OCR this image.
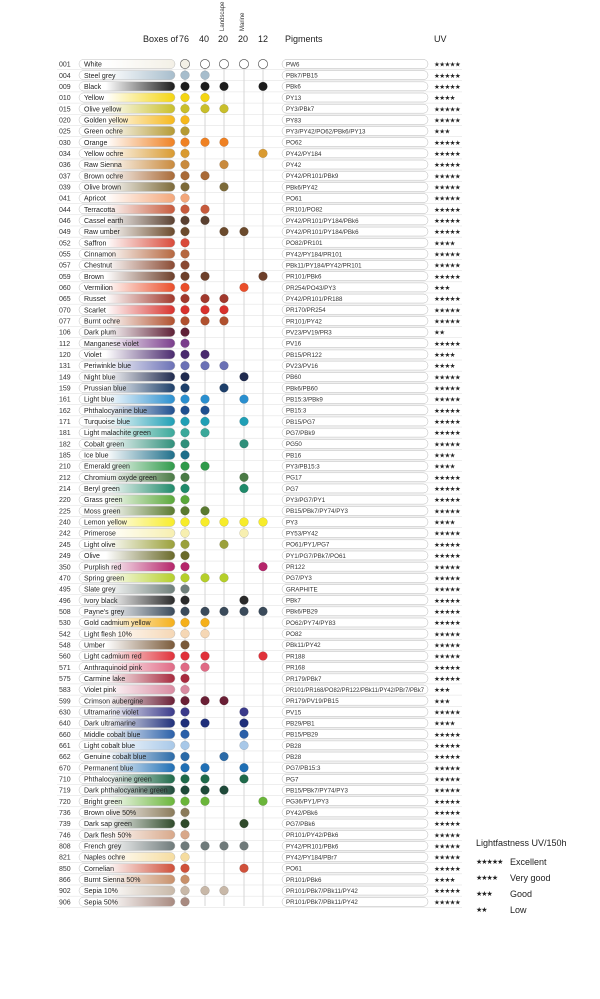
001 White	PW6	★★★★★
004 Steel grey	PBk7/PB15	★★★★★
009 Black	PBk6	★★★★★
010 Yellow	PY13	★★★★
015 Olive yellow	PY3/PBk7	★★★★★
020 Golden yellow	PY83	★★★★★
025 Green ochre	PY3/PY42/PO62/PBk6/PY13	★★★
030 Orange	PO62	★★★★★
034 Yellow ochre	PY42/PY184	★★★★★
036 Raw Sienna	PY42	★★★★★
037 Brown ochre	PY42/PR101/PBk9	★★★★★
039 Olive brown	PBk6/PY42	★★★★★
041 Apricot	PO61	★★★★★
044 Terracotta	PR101/PO82	★★★★★
046 Cassel earth	PY42/PR101/PY184/PBk6	★★★★★
049 Raw umber	PY42/PR101/PY184/PBk6	★★★★★
052 Saffron	PO82/PR101	★★★★
055 Cinnamon	PY42/PY184/PR101	★★★★★
057 Chestnut	PBk11/PY184/PY42/PR101	★★★★★
059 Brown	PR101/PBk6	★★★★★
060 Vermilion	PR254/PO43/PY3	★★★
065 Russet	PY42/PR101/PR188	★★★★★
070 Scarlet	PR170/PR254	★★★★★
077 Burnt ochre	PR101/PY42	★★★★★
106 Dark plum	PV23/PV19/PR3	★★
112 Manganese violet	PV16	★★★★★
120 Violet	PB15/PR122	★★★★
131 Periwinkle blue	PV23/PV16	★★★★
149 Night blue	PB60	★★★★★
159 Prussian blue	PBk6/PB60	★★★★★
161 Light blue	PB15:3/PBk9	★★★★★
162 Phthalocyanine blue	PB15:3	★★★★★
171 Turquoise blue	PB15/PG7	★★★★★
181 Light malachite green	PG7/PBk9	★★★★★
182 Cobalt green	PG50	★★★★★
185 Ice blue	PB16	★★★★
210 Emerald green	PY3/PB15:3	★★★★
212 Chromium oxyde green	PG17	★★★★★
214 Beryl green	PG7	★★★★★
220 Grass green	PY3/PG7/PY1	★★★★★
225 Moss green	PB15/PBk7/PY74/PY3	★★★★★
240 Lemon yellow	PY3	★★★★
242 Primerose	PY53/PY42	★★★★★
245 Light olive	PO61/PY1/PG7	★★★★★
249 Olive	PY1/PG7/PBk7/PO61	★★★★★
350 Purplish red	PR122	★★★★★
470 Spring green	PG7/PY3	★★★★★
495 Slate grey	GRAPHITE	★★★★★
496 Ivory black	PBk7	★★★★★
508 Payne's grey	PBk6/PB29	★★★★★
530 Gold cadmium yellow	PO62/PY74/PY83	★★★★★
542 Light flesh 10%	PO82	★★★★★
548 Umber	PBk11/PY42	★★★★★
560 Light cadmium red	PR188	★★★★★
571 Anthraquinoid pink	PR168	★★★★★
575 Carmine lake	PR179/PBk7	★★★★★
583 Violet pink	PR101/PR168/PO82/PR122/PBk11/PY42/PBr7/PBk7 ★★★
599 Crimson aubergine	PR179/PV19/PB15	★★★
630 Ultramarine violet	PV15	★★★★★
640 Dark ultramarine	PB29/PB1	★★★★
660 Middle cobalt blue	PB15/PB29	★★★★★
661 Light cobalt blue	PB28	★★★★★
662 Genuine cobalt blue	PB28	★★★★★
670 Permanent blue	PG7/PB15:3	★★★★★
710 Phthalocyanine green	PG7	★★★★★
719 Dark phthalocyanine green	PB15/PBk7/PY74/PY3	★★★★★
720 Bright green	PG36/PY1/PY3	★★★★★
736 Brown olive 50%	PY42/PBk6	★★★★★
739 Dark sap green	PG7/PBk6	★★★★★
746 Dark flesh 50%	PR101/PY42/PBk6	★★★★★
808 French grey	PY42/PR101/PBk6	★★★★★
821 Naples ochre	PY42/PY184/PBr7	★★★★★
850 Cornelian	PO61	★★★★★
866 Burnt Sienna 50%	PR101/PBk6	★★★★
902 Sepia 10%	PR101/PBk7/PBk11/PY42	★★★★★
906 Sepia 50%	PR101/PBk7/PBk11/PY42	★★★★★
Boxes of 76 40 20 20 12
Landscape Marine
Pigments	UV
Lightfastness UV/150h
★★★★★ Excellent
★★★★	Very good
★★★	Good
★★	Low
